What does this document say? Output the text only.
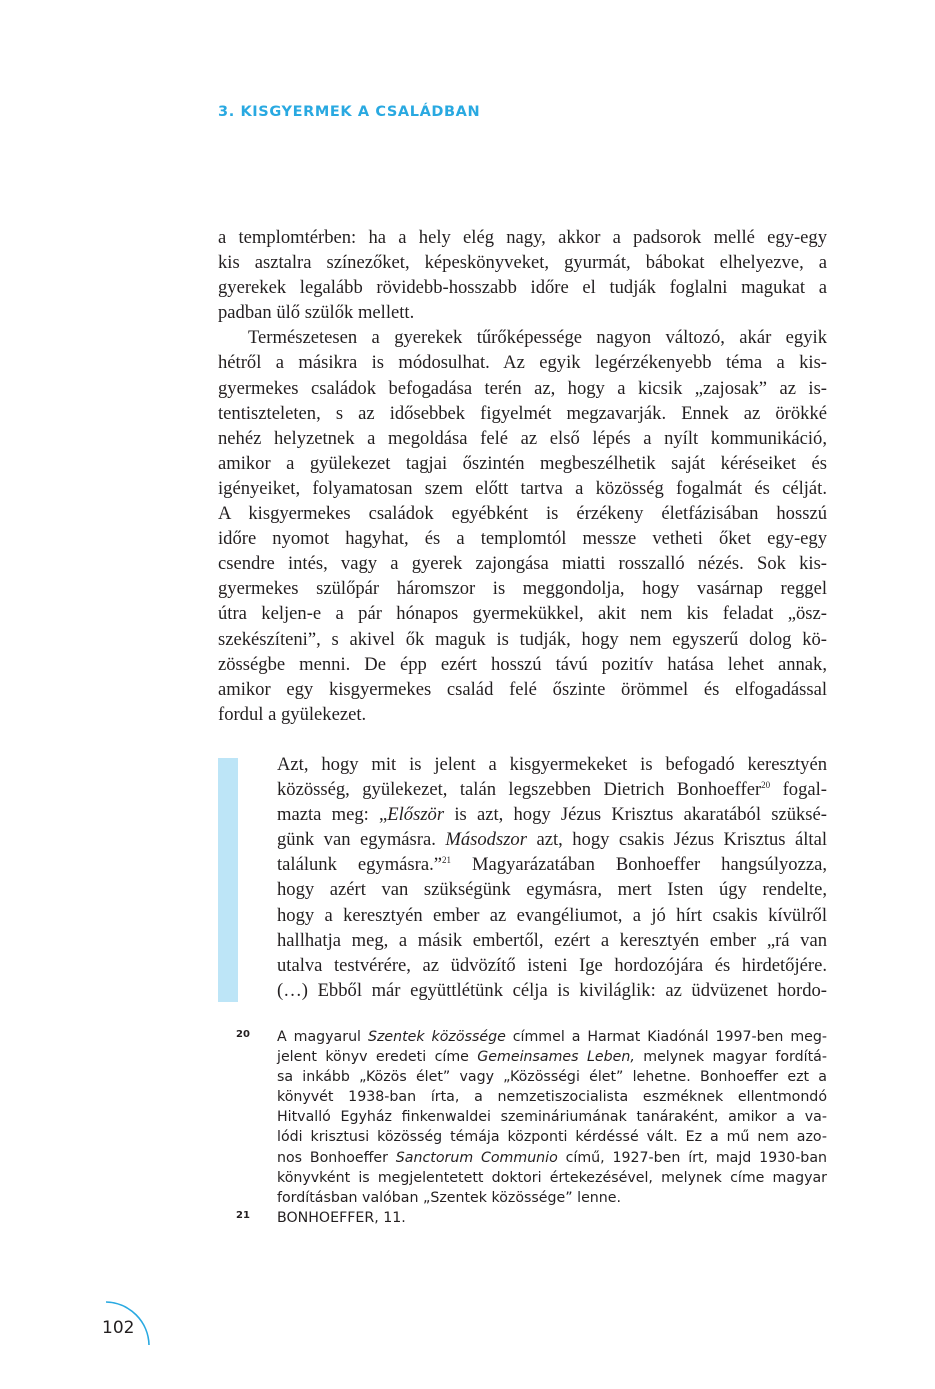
3. KISGYERMEK A CSALÁDBAN
a templomtérben: ha a hely elég nagy, akkor a padsorok mellé egy-egy
kis asztalra színezőket, képeskönyveket, gyurmát, bábokat elhelyezve, a
gyerekek legalább rövidebb-hosszabb időre el tudják foglalni magukat a
padban ülő szülők mellett.
Természetesen a gyerekek tűrőképessége nagyon változó, akár egyik
hétről a másikra is módosulhat. Az egyik legérzékenyebb téma a kis-
gyermekes családok befogadása terén az, hogy a kicsik „zajosak” az is-
tentiszteleten, s az idősebbek figyelmét megzavarják. Ennek az örökké
nehéz helyzetnek a megoldása felé az első lépés a nyílt kommunikáció,
amikor a gyülekezet tagjai őszintén megbeszélhetik saját kéréseiket és
igényeiket, folyamatosan szem előtt tartva a közösség fogalmát és célját.
A kisgyermekes családok egyébként is érzékeny életfázisában hosszú
időre nyomot hagyhat, és a templomtól messze vetheti őket egy-egy
csendre intés, vagy a gyerek zajongása miatti rosszalló nézés. Sok kis-
gyermekes szülőpár háromszor is meggondolja, hogy vasárnap reggel
útra keljen-e a pár hónapos gyermekükkel, akit nem kis feladat „ösz-
szekészíteni”, s akivel ők maguk is tudják, hogy nem egyszerű dolog kö-
zösségbe menni. De épp ezért hosszú távú pozitív hatása lehet annak,
amikor egy kisgyermekes család felé őszinte örömmel és elfogadással
fordul a gyülekezet.
Azt, hogy mit is jelent a kisgyermekeket is befogadó keresztyén
közösség, gyülekezet, talán legszebben Dietrich Bonhoeffer$^{20}$ fogal-
mazta meg: „Először is azt, hogy Jézus Krisztus akaratából szüksé-
günk van egymásra. Másodszor azt, hogy csakis Jézus Krisztus által
találunk egymásra.”$^{21}$ Magyarázatában Bonhoeffer hangsúlyozza,
hogy azért van szükségünk egymásra, mert Isten úgy rendelte,
hogy a keresztyén ember az evangéliumot, a jó hírt csakis kívülről
hallhatja meg, a másik embertől, ezért a keresztyén ember „rá van
utalva testvérére, az üdvözítő isteni Ige hordozójára és hirdetőjére.
(…) Ebből már együttlétünk célja is kiviláglik: az üdvüzenet hordo-
20 A magyarul Szentek közössége címmel a Harmat Kiadónál 1997-ben meg-
jelent könyv eredeti címe Gemeinsames Leben, melynek magyar fordítá-
sa inkább „Közös élet” vagy „Közösségi élet” lehetne. Bonhoeffer ezt a
könyvét 1938-ban írta, a nemzetiszocialista eszméknek ellentmondó
Hitvalló Egyház finkenwaldei szemináriumának tanáraként, amikor a va-
lódi krisztusi közösség témája központi kérdéssé vált. Ez a mű nem azo-
nos Bonhoeffer Sanctorum Communio című, 1927-ben írt, majd 1930-ban
könyvként is megjelentetett doktori értekezésével, melynek címe magyar
fordításban valóban „Szentek közössége” lenne.
21 BONHOEFFER, 11.
102
